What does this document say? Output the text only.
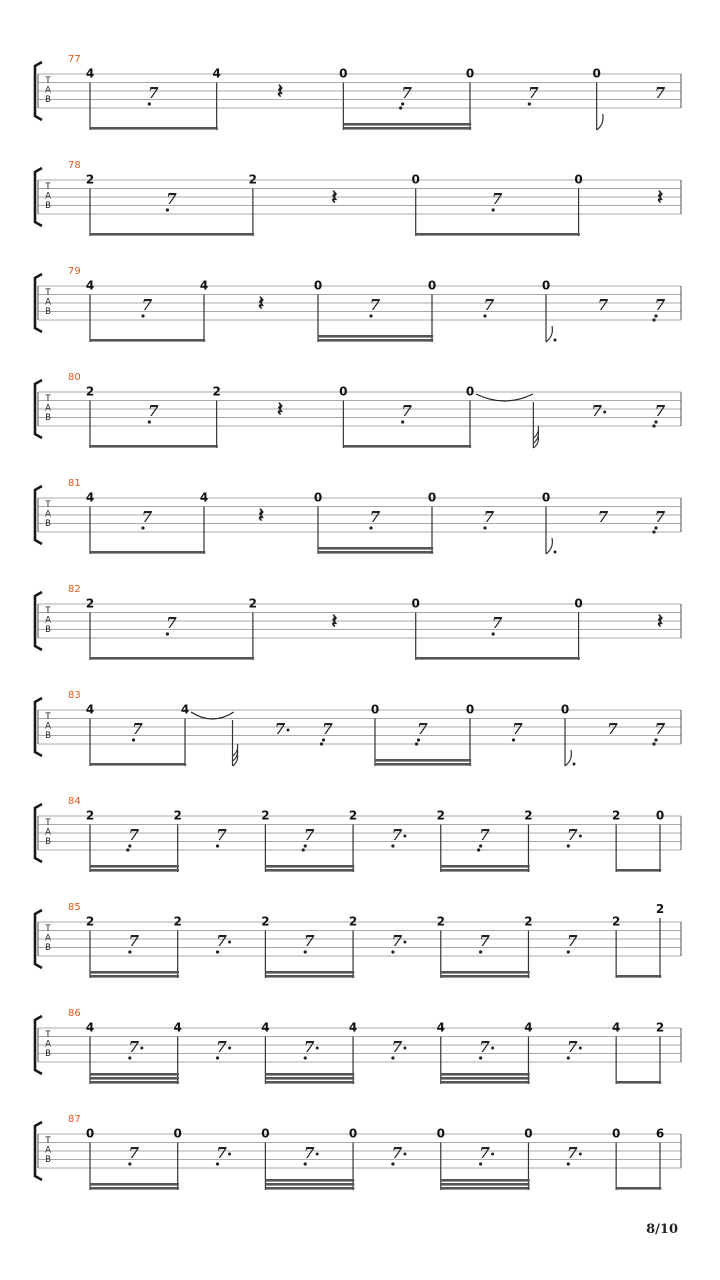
T
A
B
77
4
7
4
𝄽
0
7
0
7
0
7
T
A
B
78
2
7
2
𝄽
0
7
0
𝄽
T
A
B
79
4
7
4
𝄽
0
7
0
7
0
7	7
T
A
B
80
2
7
2
𝄽
0
7
0
7	7
T
A
B
81
4
7
4
𝄽
0
7
0
7
0
7	7
T
A
B
82
2
7
2
𝄽
0
7
0
𝄽
T
A
B
83
4
7
4
7 7
0
7
0
7
0
7 7
T
A
B
84
2
7
2
7
2
7
2
7
2
7
2
7
2	0
T
A
B
85
2
7
2
7
2
7
2
7
2
7
2
7
2
2
T
A
B
86
4
7
4
7
4
7
4
7
4
7
4
7
4	2
T
A
B
87
0
7
0
7
0
7
0
7
0
7
0
7
0	6
8/10
